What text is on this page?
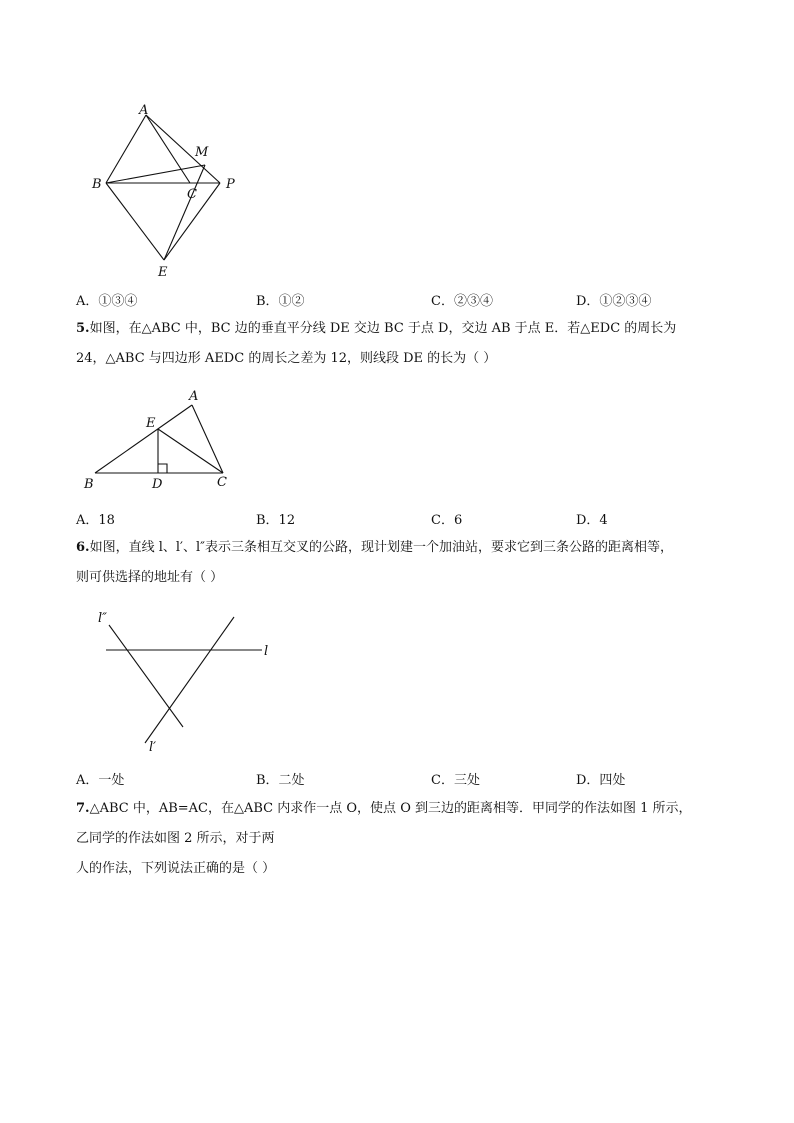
A
M
B
C
P
E
A．①③④	B．①②	C．②③④	D．①②③④
5.如图，在△ABC 中，BC 边的垂直平分线 DE 交边 BC 于点 D，交边 AB 于点 E．若△EDC 的周长为
24，△ABC 与四边形 AEDC 的周长之差为 12，则线段 DE 的长为（ ）
A
E
B	D	C
A．18	B．12	C．6	D．4
6.如图，直线 l、l′、l″表示三条相互交叉的公路，现计划建一个加油站，要求它到三条公路的距离相等，
则可供选择的地址有（ ）
l″
l
l′
A．一处	B．二处	C．三处	D．四处
7.△ABC 中，AB=AC，在△ABC 内求作一点 O，使点 O 到三边的距离相等．甲同学的作法如图 1 所示，
乙同学的作法如图 2 所示，对于两
人的作法，下列说法正确的是（ ）
